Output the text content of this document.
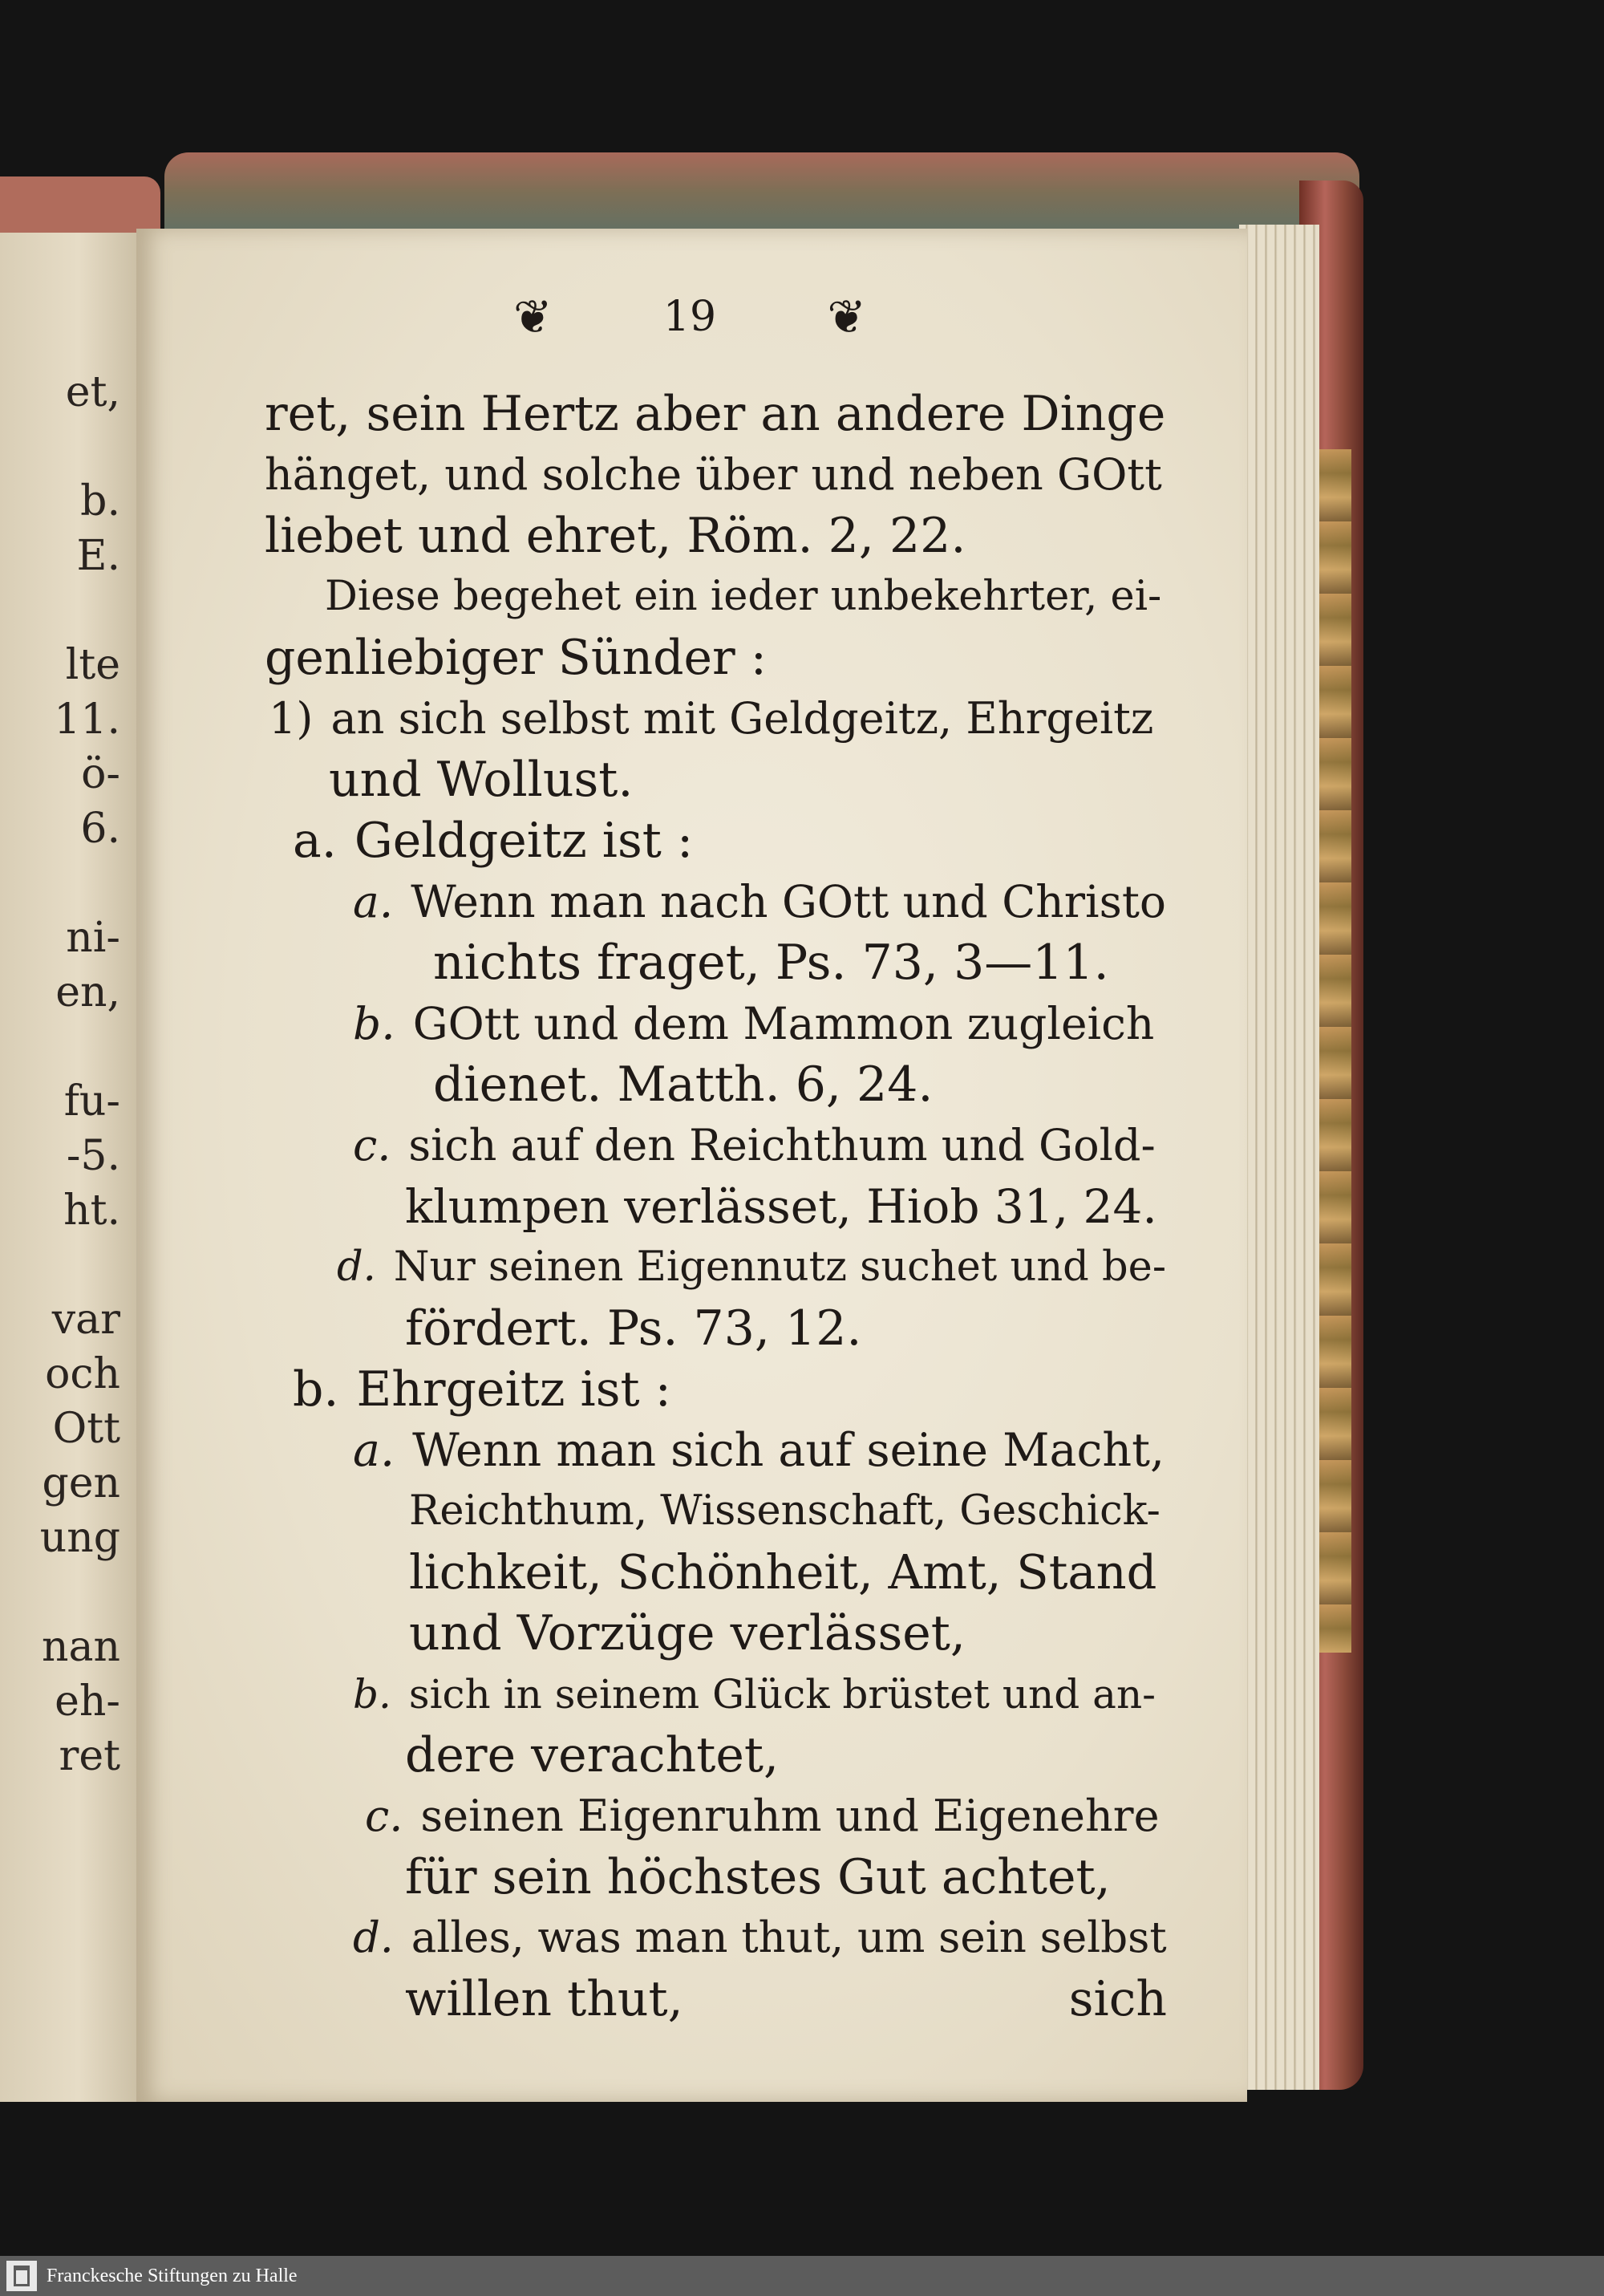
et,
b.
E.
lte
11.
ö-
6.
ni-
en,
fu-
-5.
ht.
var
och
Ott
gen
ung
nan
eh-
ret
❦	19 ❦
ret, sein Hertz aber an andere Dinge
hänget, und solche über und neben GOtt
liebet und ehret, Röm. 2, 22.
Diese begehet ein ieder unbekehrter, ei-
genliebiger Sünder :
1) an sich selbst mit Geldgeitz, Ehrgeitz
und Wollust.
a. Geldgeitz ist :
a. Wenn man nach GOtt und Christo
nichts fraget, Ps. 73, 3—11.
b. GOtt und dem Mammon zugleich
dienet. Matth. 6, 24.
c. sich auf den Reichthum und Gold-
klumpen verlässet, Hiob 31, 24.
d. Nur seinen Eigennutz suchet und be-
fördert. Ps. 73, 12.
b. Ehrgeitz ist :
a. Wenn man sich auf seine Macht,
Reichthum, Wissenschaft, Geschick-
lichkeit, Schönheit, Amt, Stand
und Vorzüge verlässet,
b. sich in seinem Glück brüstet und an-
dere verachtet,
c. seinen Eigenruhm und Eigenehre
für sein höchstes Gut achtet,
d. alles, was man thut, um sein selbst
willen thut,	sich
Franckesche Stiftungen zu Halle
